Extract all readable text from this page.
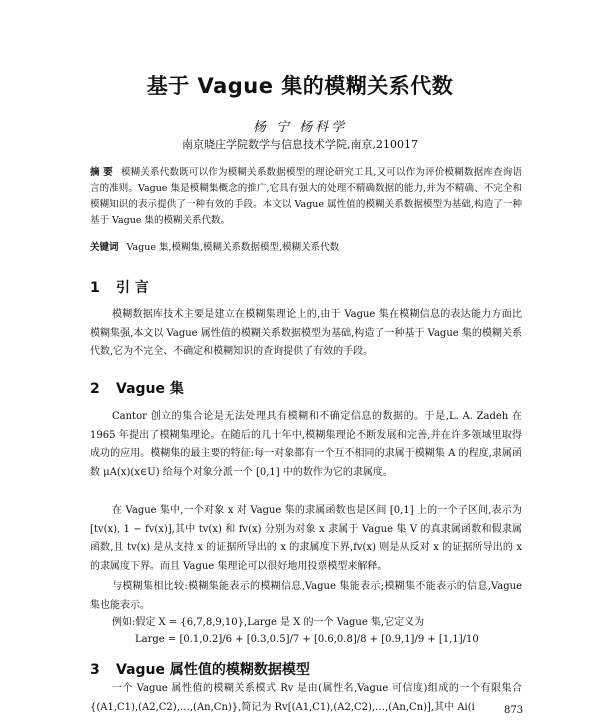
基于 Vague 集的模糊关系代数
杨 宁 杨科学
南京晓庄学院数学与信息技术学院,南京,210017
摘 要 模糊关系代数既可以作为模糊关系数据模型的理论研究工具,又可以作为评价模糊数据库查询语言的准则。Vague 集是模糊集概念的推广,它具有强大的处理不精确数据的能力,并为不精确、不完全和模糊知识的表示提供了一种有效的手段。本文以 Vague 属性值的模糊关系数据模型为基础,构造了一种基于 Vague 集的模糊关系代数。
关键词 Vague 集,模糊集,模糊关系数据模型,模糊关系代数
1 引 言
模糊数据库技术主要是建立在模糊集理论上的,由于 Vague 集在模糊信息的表达能力方面比模糊集强,本文以 Vague 属性值的模糊关系数据模型为基础,构造了一种基于 Vague 集的模糊关系代数,它为不完全、不确定和模糊知识的查询提供了有效的手段。
2 Vague 集
Cantor 创立的集合论是无法处理具有模糊和不确定信息的数据的。于是,L. A. Zadeh 在 1965 年提出了模糊集理论。在随后的几十年中,模糊集理论不断发展和完善,并在许多领域里取得成功的应用。模糊集的最主要的特征:每一对象都有一个互不相同的隶属于模糊集 A 的程度,隶属函数 μA(x)(x∈U) 给每个对象分派一个 [0,1] 中的数作为它的隶属度。
在 Vague 集中,一个对象 x 对 Vague 集的隶属函数也是区间 [0,1] 上的一个子区间,表示为 [tv(x), 1 − fv(x)],其中 tv(x) 和 fv(x) 分别为对象 x 隶属于 Vague 集 V 的真隶属函数和假隶属函数,且 tv(x) 是从支持 x 的证据所导出的 x 的隶属度下界,fv(x) 则是从反对 x 的证据所导出的 x 的隶属度下界。而且 Vague 集理论可以很好地用投票模型来解释。
与模糊集相比较:模糊集能表示的模糊信息,Vague 集能表示;模糊集不能表示的信息,Vague 集也能表示。
例如:假定 X = {6,7,8,9,10},Large 是 X 的一个 Vague 集,它定义为
Large = [0.1,0.2]/6 + [0.3,0.5]/7 + [0.6,0.8]/8 + [0.9,1]/9 + [1,1]/10
3 Vague 属性值的模糊数据模型
一个 Vague 属性值的模糊关系模式 Rv 是由(属性名,Vague 可信度)组成的一个有限集合 {(A1,C1),(A2,C2),…,(An,Cn)},简记为 Rv[(A1,C1),(A2,C2),…,(An,Cn)],其中 Ai(i	873
